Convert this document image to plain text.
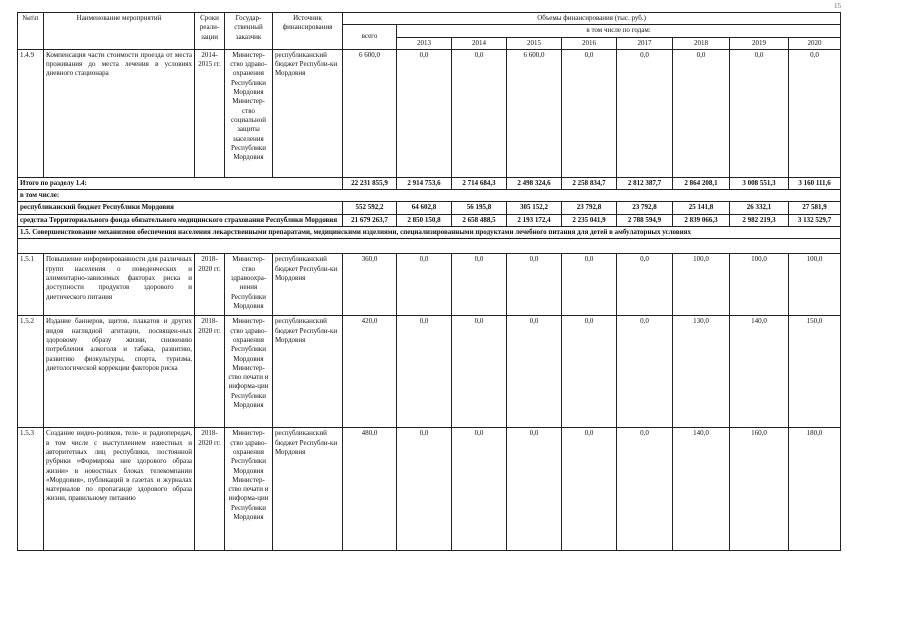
15
№п\п	Наименование мероприятий	Сроки реали-зации	Государ-ственный заказчик	Источник финансирования	Объемы финансирования (тыс. руб.)								
					всего	в том числе по годам:							
						2013	2014	2015	2016	2017	2018	2019	2020
1.4.9	Компенсация части стоимости проезда от места проживания до места лечения в условиях дневного стационара	2014-2015 гг.	Министер-ство здраво-охранения Республики Мордовия Министер-ство социальной защиты населения Республики Мордовия	республиканский бюджет Республи-ки Мордовия	6 600,0	0,0	0,0	6 600,0	0,0	0,0	0,0	0,0	0,0
Итого по разделу 1.4:					22 231 855,9	2 914 753,6	2 714 684,3	2 498 324,6	2 258 834,7	2 812 387,7	2 864 208,1	3 008 551,3	3 160 111,6
в том числе:													
республиканский бюджет Республики Мордовия					552 592,2	64 602,8	56 195,8	305 152,2	23 792,8	23 792,8	25 141,8	26 332,1	27 581,9
средства Территориального фонда обязательного медицинского страхования Республики Мордовия					21 679 263,7	2 850 150,8	2 658 488,5	2 193 172,4	2 235 041,9	2 788 594,9	2 839 066,3	2 982 219,3	3 132 529,7
1.5. Совершенствование механизмов обеспечения населения лекарственными препаратами, медицинскими изделиями, специализированными продуктами лечебного питания для детей в амбулаторных условиях													

1.5.1	Повышение информированности для различных групп населения о поведенческих и алиментарно-зависимых факторах риска и доступности продуктов здорового и диетического питания	2018-2020 гг.	Министер-ство здравоохра-нения Республики Мордовия	республиканский бюджет Республи-ки Мордовия	360,0	0,0	0,0	0,0	0,0	0,0	100,0	100,0	100,0
1.5.2	Издание баннеров, щитов, плакатов и других видов наглядной агитации, посвящен-ных здоровому образу жизни, снижению потребления алкоголя и табака, развитию, развитию физкультуры, спорта, туризма, диетологической коррекции факторов риска	2018-2020 гг.	Министер-ство здраво-охранения Республики Мордовия Министер-ство печати и информа-ции Республики Мордовия	республиканский бюджет Республи-ки Мордовия	420,0	0,0	0,0	0,0	0,0	0,0	130,0	140,0	150,0
1.5.3	Создание видео-роликов, теле- и радиопередач, в том числе с выступлением известных и авторитетных лиц республики, постоянной рубрики «Формирова ние здорового образа жизни» в новостных блоках телекомпании «Мордовия», публикаций в газетах и журналах материалов по пропаганде здорового образа жизни, правильному питанию	2018-2020 гг.	Министер-ство здраво-охранения Республики Мордовия Министер-ство печати и информа-ции Республики Мордовия	республиканский бюджет Республи-ки Мордовия	480,0	0,0	0,0	0,0	0,0	0,0	140,0	160,0	180,0
